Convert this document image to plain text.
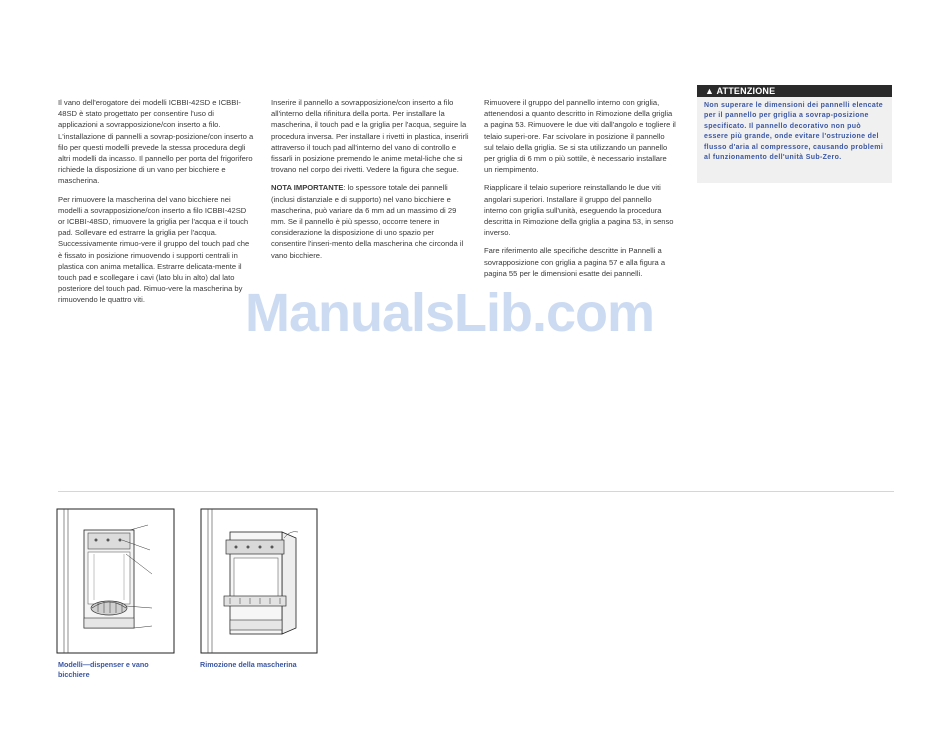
Il vano dell'erogatore dei modelli ICBBI-42SD e ICBBI-48SD è stato progettato per consentire l'uso di applicazioni a sovrapposizione/con inserto a filo. L'installazione di pannelli a sovrap-posizione/con inserto a filo per questi modelli prevede la stessa procedura degli altri modelli da incasso. Il pannello per porta del frigorifero richiede la disposizione di un vano per bicchiere e mascherina.

Per rimuovere la mascherina del vano bicchiere nei modelli a sovrapposizione/con inserto a filo ICBBI-42SD or ICBBI-48SD, rimuovere la griglia per l'acqua e il touch pad. Sollevare ed estrarre la griglia per l'acqua. Successivamente rimuo-vere il gruppo del touch pad che è fissato in posizione rimuovendo i supporti centrali in plastica con anima metallica. Estrarre delicata-mente il touch pad e scollegare i cavi (lato blu in alto) dal lato posteriore del touch pad. Rimuo-vere la mascherina by rimuovendo le quattro viti.

Inserire il pannello a sovrapposizione/con inserto a filo all'interno della rifinitura della porta. Per installare la mascherina, il touch pad e la griglia per l'acqua, seguire la procedura inversa. Per installare i rivetti in plastica, inserirli attraverso il touch pad all'interno del vano di controllo e fissarli in posizione premendo le anime metal-liche che si trovano nel corpo dei rivetti. Vedere la figura che segue.

NOTA IMPORTANTE: lo spessore totale dei pannelli (inclusi distanziale e di supporto) nel vano bicchiere e mascherina, può variare da 6 mm ad un massimo di 29 mm. Se il pannello è più spesso, occorre tenere in considerazione la disposizione di uno spazio per consentire l'inseri-mento della mascherina che circonda il vano bicchiere.

Rimuovere il gruppo del pannello interno con griglia, attenendosi a quanto descritto in Rimozione della griglia a pagina 53. Rimuovere le due viti dall'angolo e togliere il telaio superi-ore. Far scivolare in posizione il pannello sul telaio della griglia. Se si sta utilizzando un pannello per griglia di 6 mm o più sottile, è necessario installare un riempimento.

Riapplicare il telaio superiore reinstallando le due viti angolari superiori. Installare il gruppo del pannello interno con griglia sull'unità, eseguendo la procedura descritta in Rimozione della griglia a pagina 53, in senso inverso.

Fare riferimento alle specifiche descritte in Pannelli a sovrapposizione con griglia a pagina 57 e alla figura a pagina 55 per le dimensioni esatte dei pannelli.

▲ ATTENZIONE
Non superare le dimensioni dei pannelli elencate per il pannello per griglia a sovrap-posizione specificato. Il pannello decorativo non può essere più grande, onde evitare l'ostruzione del flusso d'aria al compressore, causando problemi al funzionamento dell'unità Sub-Zero.
ManualsLib.com
Modelli—dispenser e vano bicchiere
Rimozione della mascherina
